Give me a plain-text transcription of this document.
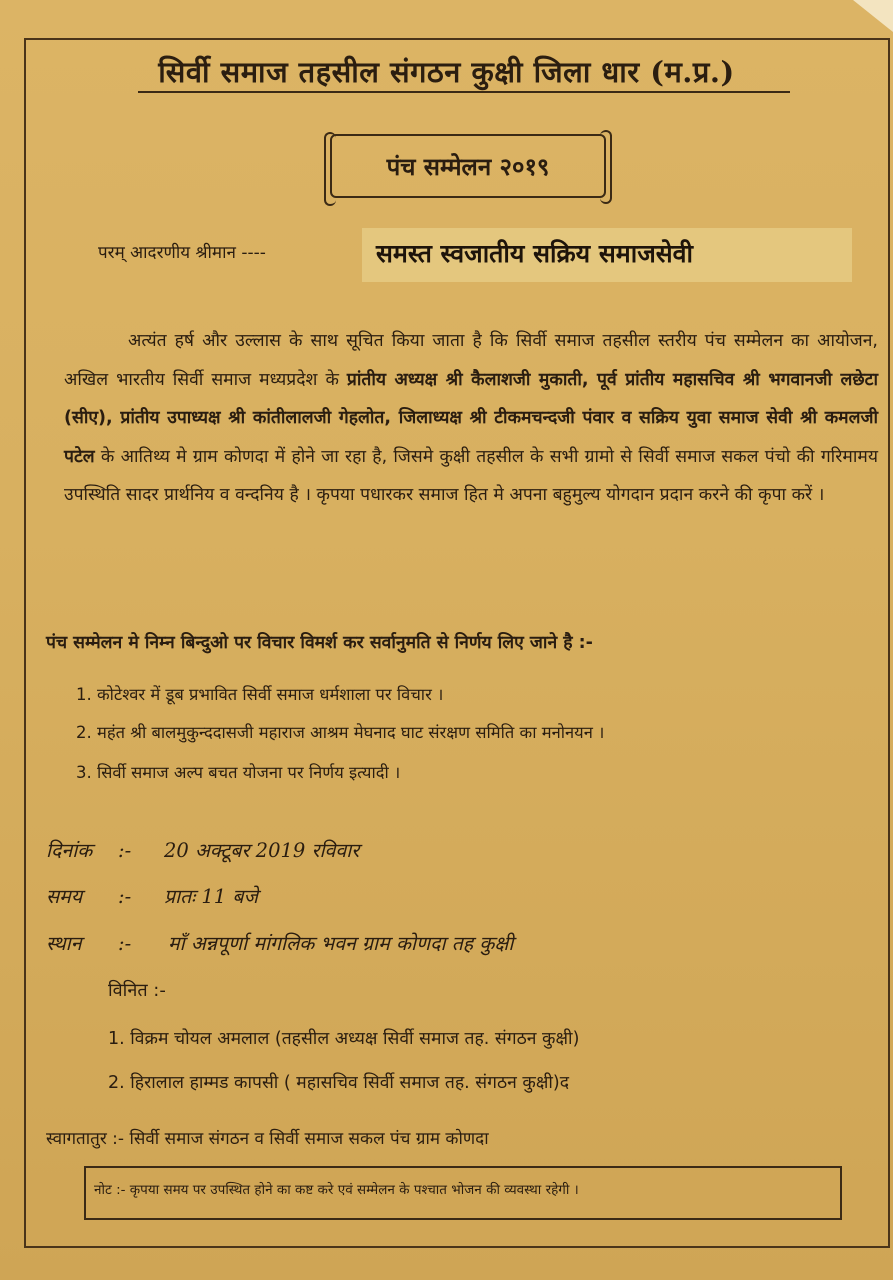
सिर्वी समाज तहसील संगठन कुक्षी जिला धार (म.प्र.)
पंच सम्मेलन २०१९
परम् आदरणीय श्रीमान ----	समस्त स्वजातीय सक्रिय समाजसेवी
अत्यंत हर्ष और उल्लास के साथ सूचित किया जाता है कि सिर्वी समाज तहसील स्तरीय पंच सम्मेलन का आयोजन, अखिल भारतीय सिर्वी समाज मध्यप्रदेश के प्रांतीय अध्यक्ष श्री कैलाशजी मुकाती, पूर्व प्रांतीय महासचिव श्री भगवानजी लछेटा (सीए), प्रांतीय उपाध्यक्ष श्री कांतीलालजी गेहलोत, जिलाध्यक्ष श्री टीकमचन्दजी पंवार व सक्रिय युवा समाज सेवी श्री कमलजी पटेल के आतिथ्य मे ग्राम कोणदा में होने जा रहा है, जिसमे कुक्षी तहसील के सभी ग्रामो से सिर्वी समाज सकल पंचो की गरिमामय उपस्थिति सादर प्रार्थनिय व वन्दनिय है । कृपया पधारकर समाज हित मे अपना बहुमुल्य योगदान प्रदान करने की कृपा करें ।
पंच सम्मेलन मे निम्न बिन्दुओ पर विचार विमर्श कर सर्वानुमति से निर्णय लिए जाने है :-
1. कोटेश्वर में डूब प्रभावित सिर्वी समाज धर्मशाला पर विचार ।
2. महंत श्री बालमुकुन्ददासजी महाराज आश्रम मेघनाद घाट संरक्षण समिति का मनोनयन ।
3. सिर्वी समाज अल्प बचत योजना पर निर्णय इत्यादी ।
दिनांक :- 20 अक्टूबर 2019 रविवार
समय :- प्रातः 11 बजे
स्थान :- माँ अन्नपूर्णा मांगलिक भवन ग्राम कोणदा तह कुक्षी
विनित :-
1. विक्रम चोयल अमलाल (तहसील अध्यक्ष सिर्वी समाज तह. संगठन कुक्षी)
2. हिरालाल हाम्मड कापसी ( महासचिव सिर्वी समाज तह. संगठन कुक्षी)द
स्वागतातुर :- सिर्वी समाज संगठन व सिर्वी समाज सकल पंच ग्राम कोणदा
नोट :- कृपया समय पर उपस्थित होने का कष्ट करे एवं सम्मेलन के पश्चात भोजन की व्यवस्था रहेगी ।
